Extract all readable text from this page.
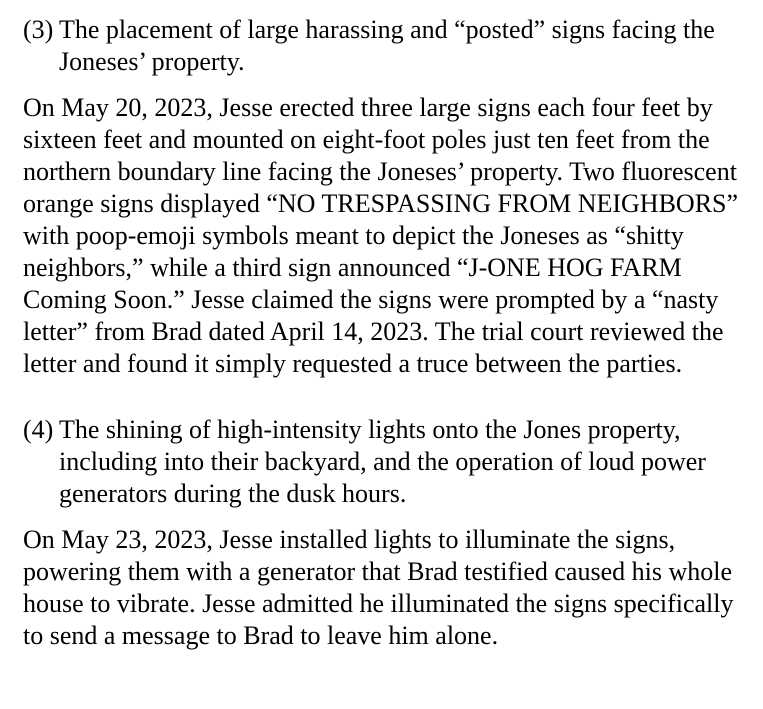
(3) The placement of large harassing and “posted” signs facing the Joneses’ property.

On May 20, 2023, Jesse erected three large signs each four feet by sixteen feet and mounted on eight-foot poles just ten feet from the northern boundary line facing the Joneses’ property. Two fluorescent orange signs displayed “NO TRESPASSING FROM NEIGHBORS” with poop-emoji symbols meant to depict the Joneses as “shitty neighbors,” while a third sign announced “J-ONE HOG FARM Coming Soon.” Jesse claimed the signs were prompted by a “nasty letter” from Brad dated April 14, 2023. The trial court reviewed the letter and found it simply requested a truce between the parties.

(4) The shining of high-intensity lights onto the Jones property, including into their backyard, and the operation of loud power generators during the dusk hours.

On May 23, 2023, Jesse installed lights to illuminate the signs, powering them with a generator that Brad testified caused his whole house to vibrate. Jesse admitted he illuminated the signs specifically to send a message to Brad to leave him alone.
